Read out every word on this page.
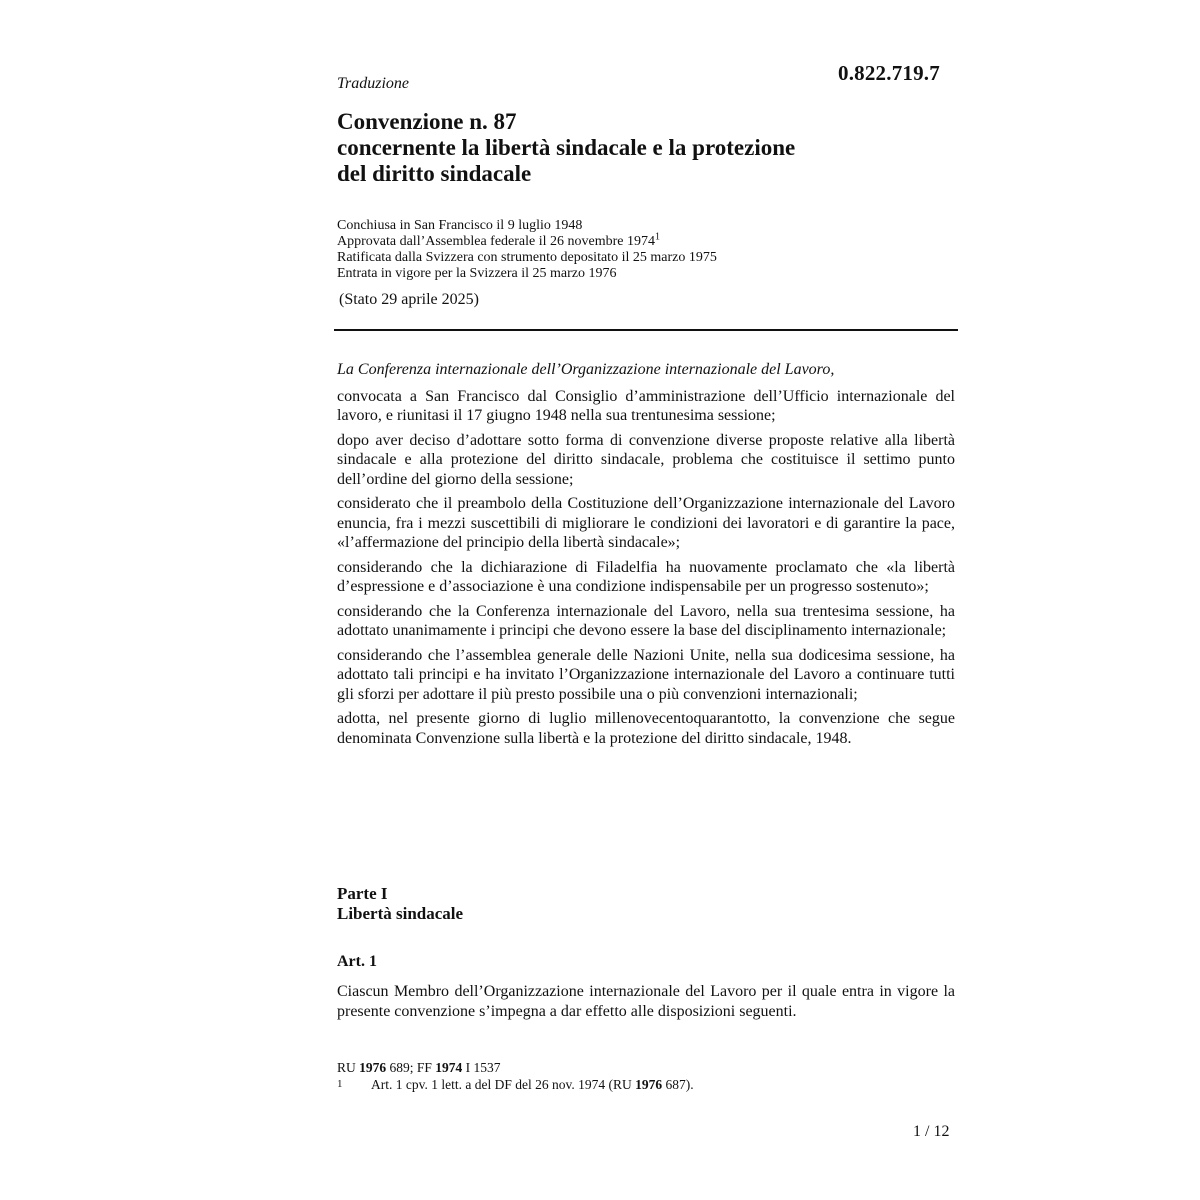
0.822.719.7
Traduzione
Convenzione n. 87
concernente la libertà sindacale e la protezione
del diritto sindacale
Conchiusa in San Francisco il 9 luglio 1948
Approvata dall’Assemblea federale il 26 novembre 1974$^1$
Ratificata dalla Svizzera con strumento depositato il 25 marzo 1975
Entrata in vigore per la Svizzera il 25 marzo 1976
(Stato 29 aprile 2025)

La Conferenza internazionale dell’Organizzazione internazionale del Lavoro,

convocata a San Francisco dal Consiglio d’amministrazione dell’Ufficio internazionale del lavoro, e riunitasi il 17 giugno 1948 nella sua trentunesima sessione;

dopo aver deciso d’adottare sotto forma di convenzione diverse proposte relative alla libertà sindacale e alla protezione del diritto sindacale, problema che costituisce il settimo punto dell’ordine del giorno della sessione;

considerato che il preambolo della Costituzione dell’Organizzazione internazionale del Lavoro enuncia, fra i mezzi suscettibili di migliorare le condizioni dei lavoratori e di garantire la pace, «l’affermazione del principio della libertà sindacale»;

considerando che la dichiarazione di Filadelfia ha nuovamente proclamato che «la libertà d’espressione e d’associazione è una condizione indispensabile per un progresso sostenuto»;

considerando che la Conferenza internazionale del Lavoro, nella sua trentesima sessione, ha adottato unanimamente i principi che devono essere la base del disciplinamento internazionale;

considerando che l’assemblea generale delle Nazioni Unite, nella sua dodicesima sessione, ha adottato tali principi e ha invitato l’Organizzazione internazionale del Lavoro a continuare tutti gli sforzi per adottare il più presto possibile una o più convenzioni internazionali;

adotta, nel presente giorno di luglio millenovecentoquarantotto, la convenzione che segue denominata Convenzione sulla libertà e la protezione del diritto sindacale, 1948.

Parte I
Libertà sindacale
Art. 1

Ciascun Membro dell’Organizzazione internazionale del Lavoro per il quale entra in vigore la presente convenzione s’impegna a dar effetto alle disposizioni seguenti.

RU 1976 689; FF 1974 I 1537
1 Art. 1 cpv. 1 lett. a del DF del 26 nov. 1974 (RU 1976 687).
1 / 12
